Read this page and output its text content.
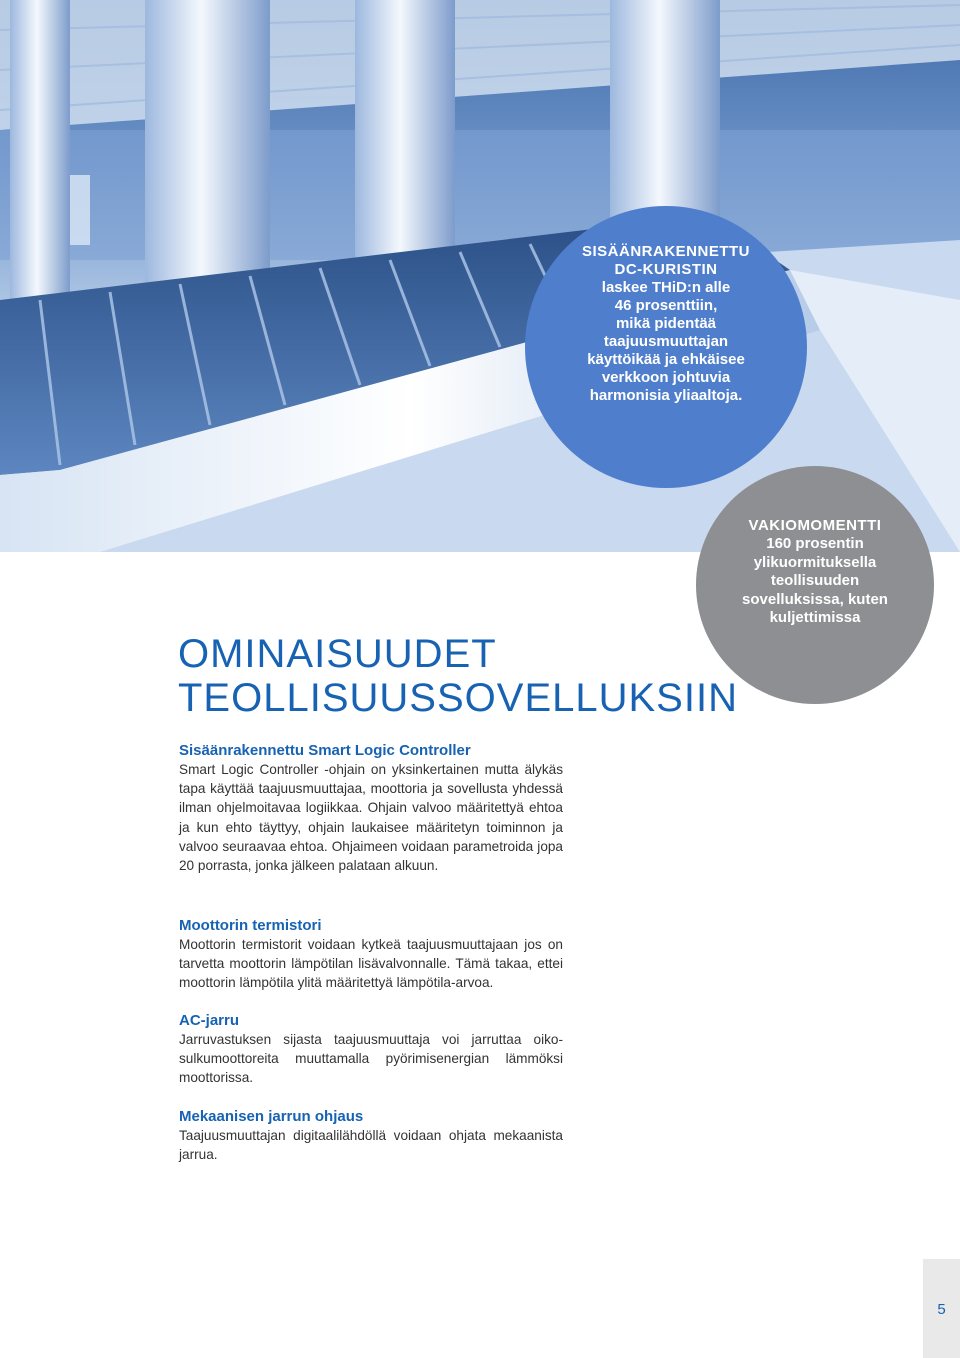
SISÄÄNRAKENNETTU DC-KURISTIN
laskee THiD:n alle
46 prosenttiin,
mikä pidentää
taajuusmuuttajan
käyttöikää ja ehkäisee
verkkoon johtuvia
harmonisia yliaaltoja.
VAKIOMOMENTTI
160 prosentin
ylikuormituksella
teollisuuden
sovelluksissa, kuten
kuljettimissa
OMINAISUUDET
TEOLLISUUSSOVELLUKSIIN
Sisäänrakennettu Smart Logic Controller

Smart Logic Controller -ohjain on yksinkertainen mutta älykäs tapa käyttää taajuusmuuttajaa, moottoria ja sovellusta yhdessä ilman ohjelmoitavaa logiikkaa. Ohjain valvoo määritettyä ehtoa ja kun ehto täyttyy, ohjain laukaisee määritetyn toiminnon ja valvoo seuraavaa ehtoa. Ohjaimeen voidaan parametroida jopa 20 porrasta, jonka jälkeen palataan alkuun.

Moottorin termistori

Moottorin termistorit voidaan kytkeä taajuusmuuttajaan jos on tarvetta moottorin lämpötilan lisävalvonnalle. Tämä takaa, ettei moottorin lämpötila ylitä määritettyä lämpötila-arvoa.

AC-jarru

Jarruvastuksen sijasta taajuusmuuttaja voi jarruttaa oikosulkumoottoreita muuttamalla pyörimisenergian lämmöksi moottorissa.

Mekaanisen jarrun ohjaus

Taajuusmuuttajan digitaalilähdöllä voidaan ohjata mekaanista jarrua.

5
